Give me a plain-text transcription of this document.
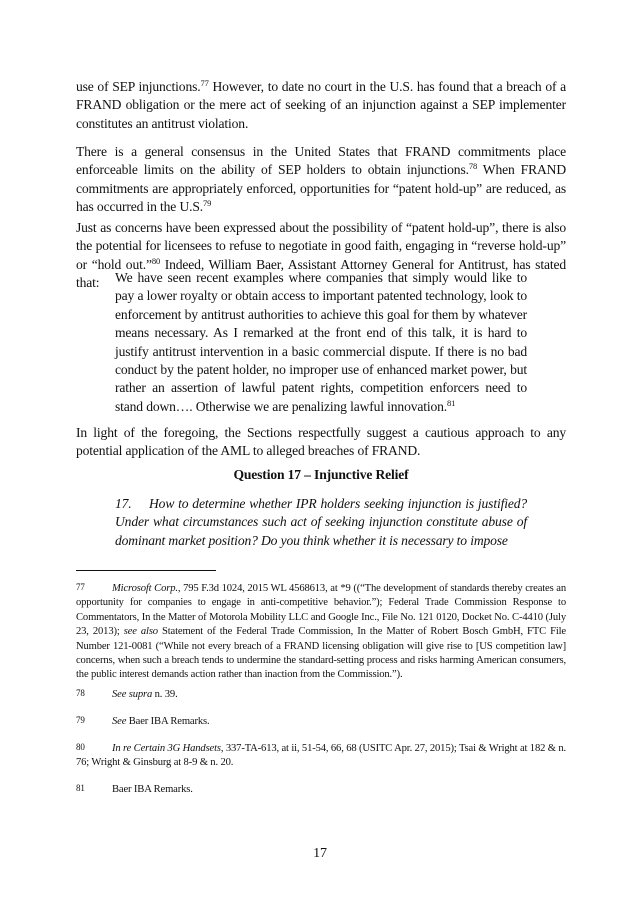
use of SEP injunctions.$^{77}$ However, to date no court in the U.S. has found that a breach of a FRAND obligation or the mere act of seeking of an injunction against a SEP implementer constitutes an antitrust violation.

There is a general consensus in the United States that FRAND commitments place enforceable limits on the ability of SEP holders to obtain injunctions.$^{78}$ When FRAND commitments are appropriately enforced, opportunities for “patent hold-up” are reduced, as has occurred in the U.S.$^{79}$

Just as concerns have been expressed about the possibility of “patent hold-up”, there is also the potential for licensees to refuse to negotiate in good faith, engaging in “reverse hold-up” or “hold out.”$^{80}$ Indeed, William Baer, Assistant Attorney General for Antitrust, has stated that:	We have seen recent examples where companies that simply would like to pay a lower royalty or obtain access to important patented technology, look to enforcement by antitrust authorities to achieve this goal for them by whatever means necessary. As I remarked at the front end of this talk, it is hard to justify antitrust intervention in a basic commercial dispute. If there is no bad conduct by the patent holder, no improper use of enhanced market power, but rather an assertion of lawful patent rights, competition enforcers need to stand down…. Otherwise we are penalizing lawful innovation.$^{81}$

In light of the foregoing, the Sections respectfully suggest a cautious approach to any potential application of the AML to alleged breaches of FRAND.

Question 17 – Injunctive Relief

17. How to determine whether IPR holders seeking injunction is justified? Under what circumstances such act of seeking injunction constitute abuse of dominant market position? Do you think whether it is necessary to impose

77	Microsoft Corp., 795 F.3d 1024, 2015 WL 4568613, at *9 ((“The development of standards thereby creates an opportunity for companies to engage in anti-competitive behavior.”); Federal Trade Commission Response to Commentators, In the Matter of Motorola Mobility LLC and Google Inc., File No. 121 0120, Docket No. C-4410 (July 23, 2013); see also Statement of the Federal Trade Commission, In the Matter of Robert Bosch GmbH, FTC File Number 121-0081 (“While not every breach of a FRAND licensing obligation will give rise to [US competition law] concerns, when such a breach tends to undermine the standard-setting process and risks harming American consumers, the public interest demands action rather than inaction from the Commission.”).

78	See supra n. 39.

79	See Baer IBA Remarks.

80	In re Certain 3G Handsets, 337-TA-613, at ii, 51-54, 66, 68 (USITC Apr. 27, 2015); Tsai & Wright at 182 & n. 76; Wright & Ginsburg at 8-9 & n. 20.

81	Baer IBA Remarks.

17
